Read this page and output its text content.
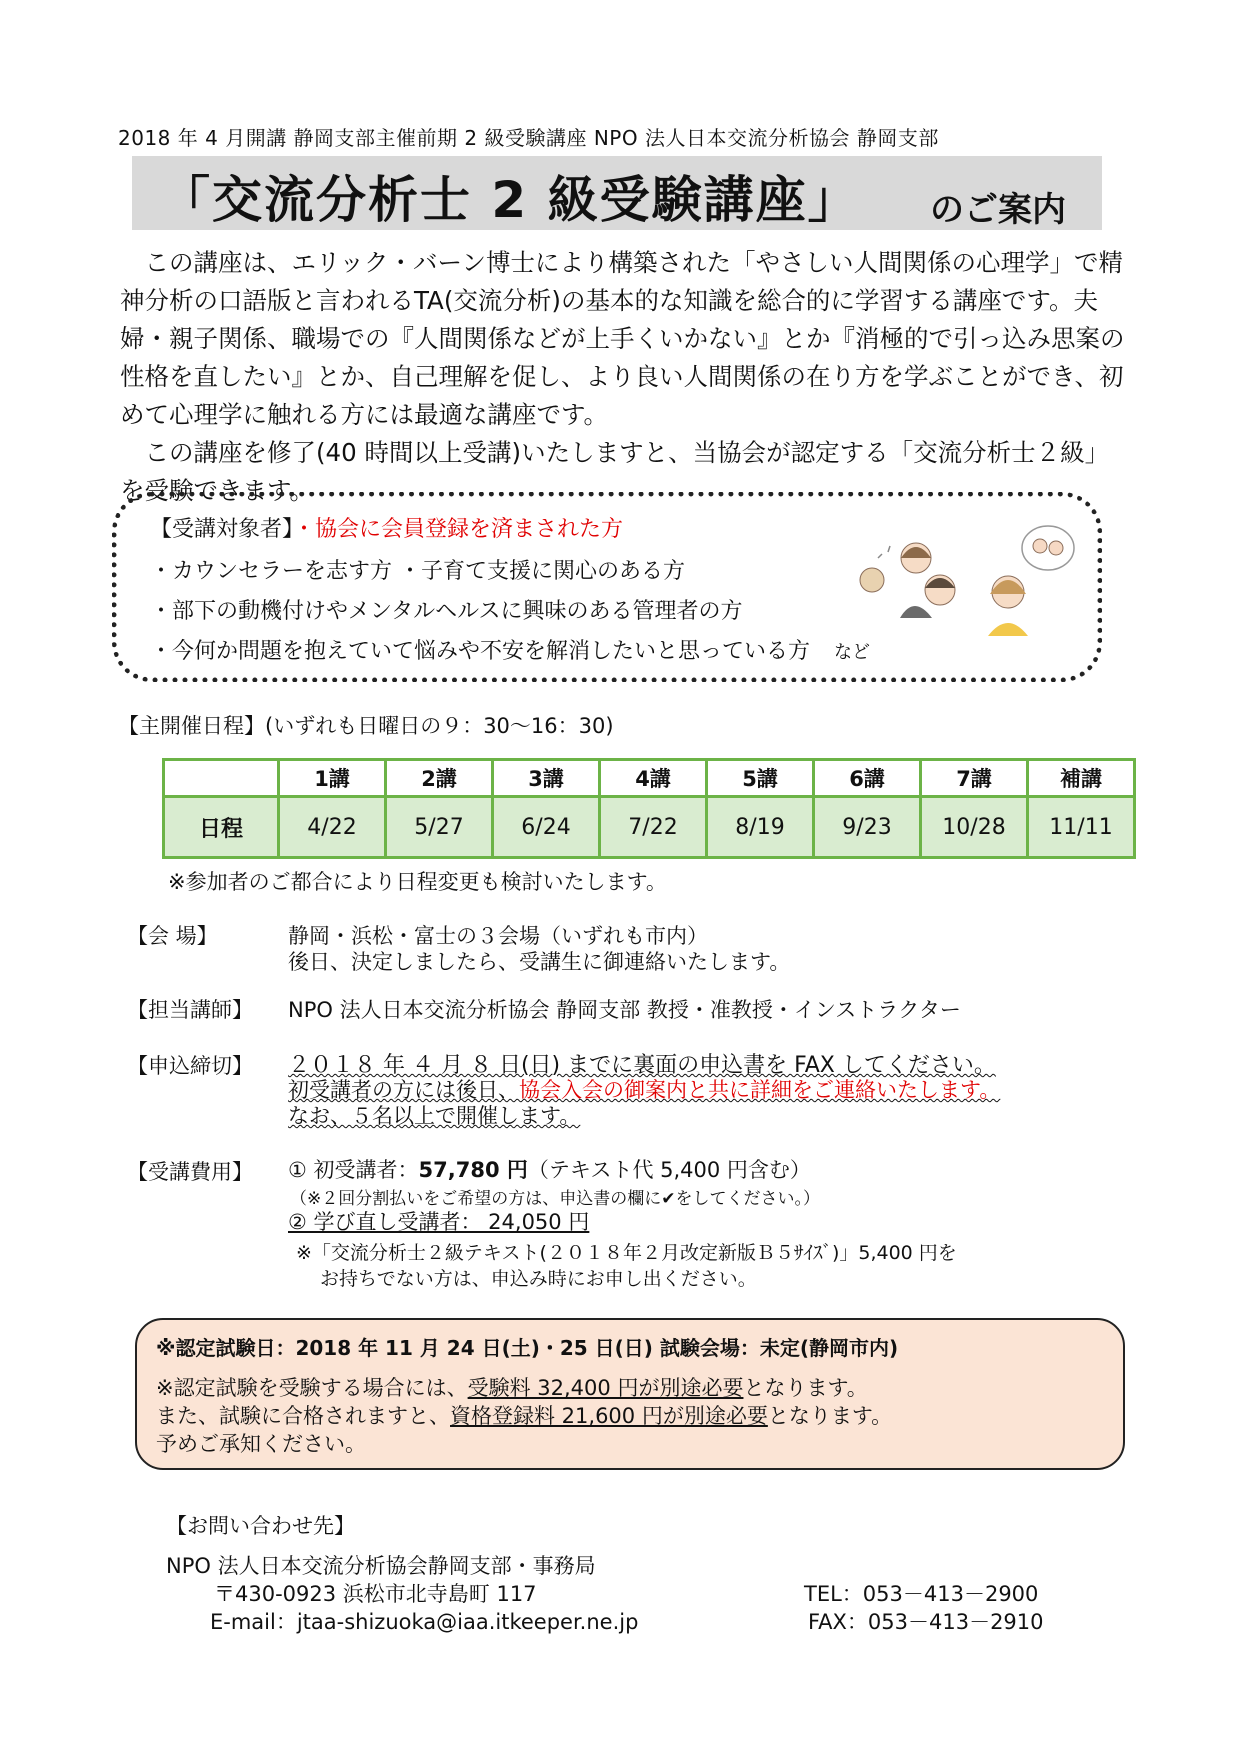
2018 年 4 月開講 静岡支部主催前期 2 級受験講座 NPO 法人日本交流分析協会 静岡支部
「交流分析士 2 級受験講座」 のご案内

この講座は、エリック・バーン博士により構築された「やさしい人間関係の心理学」で精神分析の口語版と言われるTA(交流分析)の基本的な知識を総合的に学習する講座です。夫婦・親子関係、職場での『人間関係などが上手くいかない』とか『消極的で引っ込み思案の性格を直したい』とか、自己理解を促し、より良い人間関係の在り方を学ぶことができ、初めて心理学に触れる方には最適な講座です。

この講座を修了(40 時間以上受講)いたしますと、当協会が認定する「交流分析士２級」を受験できます。

【受講対象者】・協会に会員登録を済まされた方
・カウンセラーを志す方 ・子育て支援に関心のある方
・部下の動機付けやメンタルヘルスに興味のある管理者の方
・今何か問題を抱えていて悩みや不安を解消したいと思っている方 など
【主開催日程】(いずれも日曜日の９：30～16：30)
	1講	2講	3講	4講	5講	6講	7講	補講
日程	4/22	5/27	6/24	7/22	8/19	9/23	10/28	11/11
※参加者のご都合により日程変更も検討いたします。
【会 場】	静岡・浜松・富士の３会場（いずれも市内）
後日、決定しましたら、受講生に御連絡いたします。
【担当講師】 NPO 法人日本交流分析協会 静岡支部 教授・准教授・インストラクター
【申込締切】 ２０１８ 年 ４ 月 ８ 日(日) までに裏面の申込書を FAX してください。
初受講者の方には後日、協会入会の御案内と共に詳細をご連絡いたします。
なお、５名以上で開催します。
【受講費用】 ① 初受講者：57,780 円（テキスト代 5,400 円含む）
（※２回分割払いをご希望の方は、申込書の欄に✔をしてください。）
② 学び直し受講者： 24,050 円
※「交流分析士２級テキスト(２０１８年２月改定新版Ｂ５ｻｲｽﾞ)」5,400 円を
お持ちでない方は、申込み時にお申し出ください。
※認定試験日：2018 年 11 月 24 日(土)・25 日(日) 試験会場：未定(静岡市内)
※認定試験を受験する場合には、受験料 32,400 円が別途必要となります。
また、試験に合格されますと、資格登録料 21,600 円が別途必要となります。
予めご承知ください。
【お問い合わせ先】
NPO 法人日本交流分析協会静岡支部・事務局
〒430-0923 浜松市北寺島町 117
E-mail：jtaa-shizuoka@iaa.itkeeper.ne.jp
TEL：053－413－2900
FAX：053－413－2910
